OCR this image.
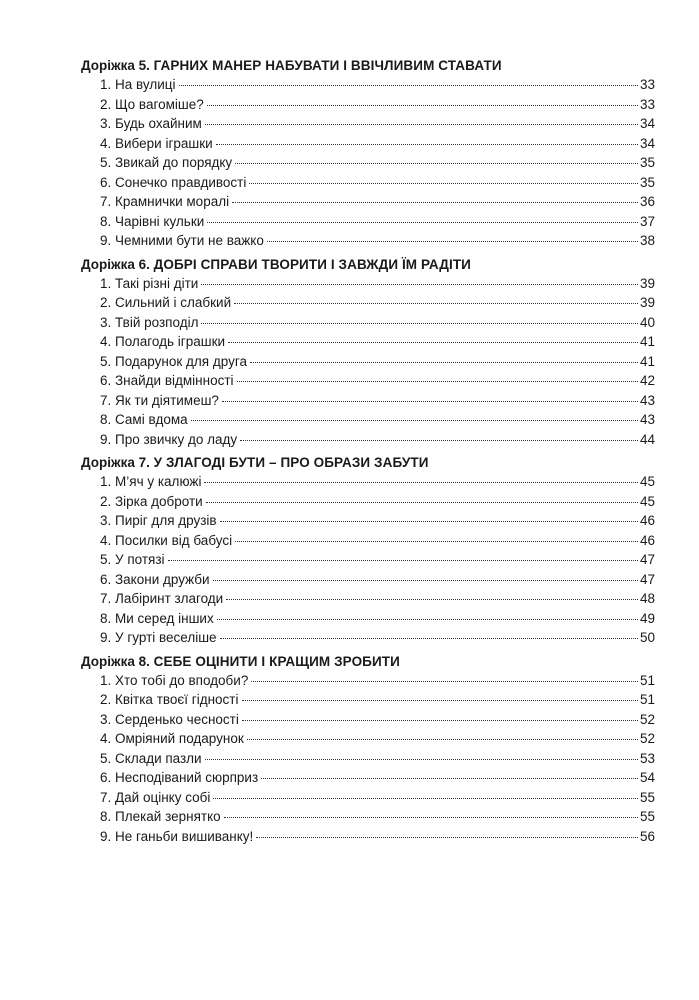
Доріжка 5. ГАРНИХ МАНЕР НАБУВАТИ І ВВІЧЛИВИМ СТАВАТИ
1. На вулиці	33
2. Що вагоміше?	33
3. Будь охайним	34
4. Вибери іграшки	34
5. Звикай до порядку	35
6. Сонечко правдивості	35
7. Крамнички моралі	36
8. Чарівні кульки	37
9. Чемними бути не важко	38
Доріжка 6. ДОБРІ СПРАВИ ТВОРИТИ І ЗАВЖДИ ЇМ РАДІТИ
1. Такі різні діти	39
2. Сильний і слабкий	39
3. Твій розподіл	40
4. Полагодь іграшки	41
5. Подарунок для друга	41
6. Знайди відмінності	42
7. Як ти діятимеш?	43
8. Самі вдома	43
9. Про звичку до ладу	44
Доріжка 7. У ЗЛАГОДІ БУТИ – ПРО ОБРАЗИ ЗАБУТИ
1. М’яч у калюжі	45
2. Зірка доброти	45
3. Пиріг для друзів	46
4. Посилки від бабусі	46
5. У потязі	47
6. Закони дружби	47
7. Лабіринт злагоди	48
8. Ми серед інших	49
9. У гурті веселіше	50
Доріжка 8. СЕБЕ ОЦІНИТИ І КРАЩИМ ЗРОБИТИ
1. Хто тобі до вподоби?	51
2. Квітка твоєї гідності	51
3. Серденько чесності	52
4. Омріяний подарунок	52
5. Склади пазли	53
6. Несподіваний сюрприз	54
7. Дай оцінку собі	55
8. Плекай зернятко	55
9. Не ганьби вишиванку!	56
